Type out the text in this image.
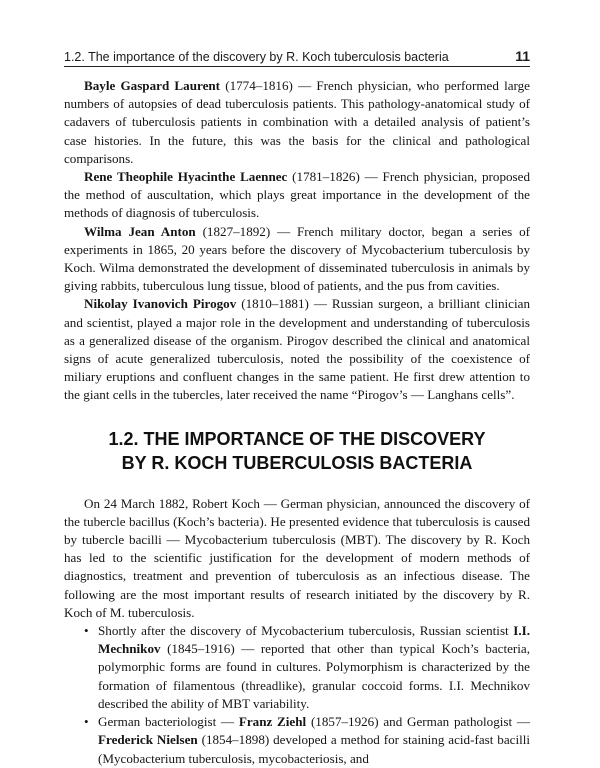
1.2. The importance of the discovery by R. Koch tuberculosis bacteria	11

Bayle Gaspard Laurent (1774–1816) — French physician, who performed large numbers of autopsies of dead tuberculosis patients. This pathology-anatomical study of cadavers of tuberculosis patients in combination with a detailed analysis of patient’s case histories. In the future, this was the basis for the clinical and pathological comparisons.

Rene Theophile Hyacinthe Laennec (1781–1826) — French physician, proposed the method of auscultation, which plays great importance in the development of the methods of diagnosis of tuberculosis.

Wilma Jean Anton (1827–1892) — French military doctor, began a series of experiments in 1865, 20 years before the discovery of Mycobacterium tuberculosis by Koch. Wilma demonstrated the development of disseminated tuberculosis in animals by giving rabbits, tuberculous lung tissue, blood of patients, and the pus from cavities.

Nikolay Ivanovich Pirogov (1810–1881) — Russian surgeon, a brilliant clinician and scientist, played a major role in the development and understanding of tuberculosis as a generalized disease of the organism. Pirogov described the clinical and anatomical signs of acute generalized tuberculosis, noted the possibility of the coexistence of miliary eruptions and confluent changes in the same patient. He first drew attention to the giant cells in the tubercles, later received the name “Pirogov’s — Langhans cells”.

1.2. THE IMPORTANCE OF THE DISCOVERY
BY R. KOCH TUBERCULOSIS BACTERIA

On 24 March 1882, Robert Koch — German physician, announced the discovery of the tubercle bacillus (Koch’s bacteria). He presented evidence that tuberculosis is caused by tubercle bacilli — Mycobacterium tuberculosis (MBT). The discovery by R. Koch has led to the scientific justification for the development of modern methods of diagnostics, treatment and prevention of tuberculosis as an infectious disease. The following are the most important results of research initiated by the discovery by R. Koch of M. tuberculosis.

• Shortly after the discovery of Mycobacterium tuberculosis, Russian scientist I.I. Mechnikov (1845–1916) — reported that other than typical Koch’s bacteria, polymorphic forms are found in cultures. Polymorphism is characterized by the formation of filamentous (threadlike), granular coccoid forms. I.I. Mechnikov described the ability of MBT variability.
• German bacteriologist — Franz Ziehl (1857–1926) and German pathologist — Frederick Nielsen (1854–1898) developed a method for staining acid-fast bacilli (Mycobacterium tuberculosis, mycobacteriosis, and
